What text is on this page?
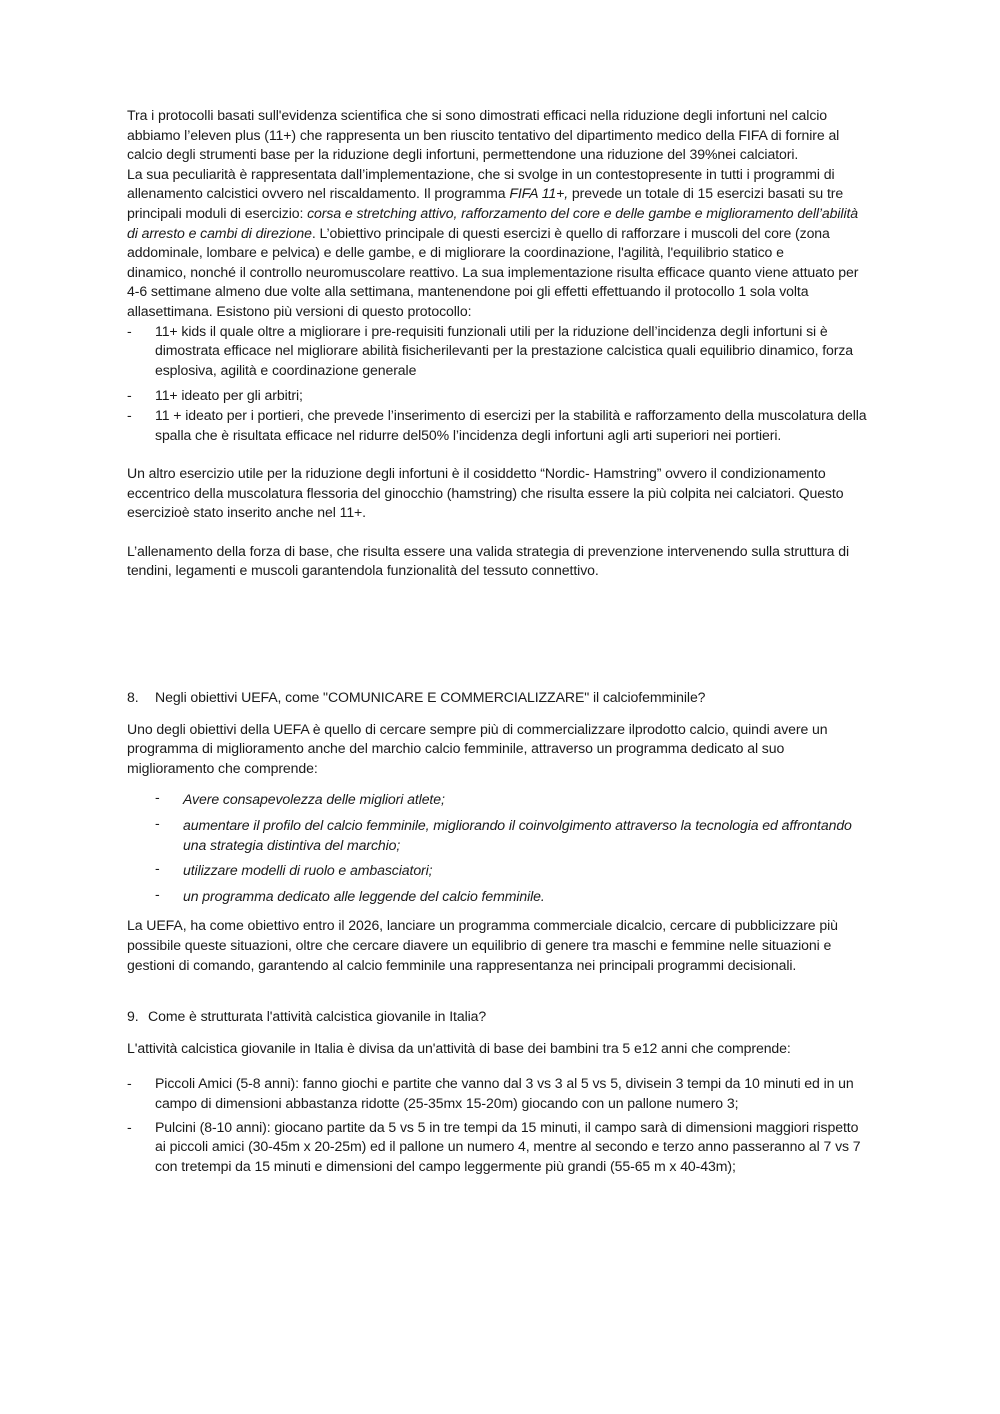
Tra i protocolli basati sull'evidenza scientifica che si sono dimostrati efficaci nella riduzione degli infortuni nel calcio abbiamo l’eleven plus (11+) che rappresenta un ben riuscito tentativo del dipartimento medico della FIFA di fornire al calcio degli strumenti base per la riduzione degli infortuni, permettendone una riduzione del 39%nei calciatori.

La sua peculiarità è rappresentata dall’implementazione, che si svolge in un contestopresente in tutti i programmi di allenamento calcistici ovvero nel riscaldamento. Il programma FIFA 11+, prevede un totale di 15 esercizi basati su tre principali moduli di esercizio: corsa e stretching attivo, rafforzamento del core e delle gambe e miglioramento dell’abilità di arresto e cambi di direzione. L’obiettivo principale di questi esercizi è quello di rafforzare i muscoli del core (zona addominale, lombare e pelvica) e delle gambe, e di migliorare la coordinazione, l'agilità, l'equilibrio statico e

dinamico, nonché il controllo neuromuscolare reattivo. La sua implementazione risulta efficace quanto viene attuato per 4-6 settimane almeno due volte alla settimana, mantenendone poi gli effetti effettuando il protocollo 1 sola volta allasettimana. Esistono più versioni di questo protocollo:

- 11+ kids il quale oltre a migliorare i pre-requisiti funzionali utili per la riduzione dell’incidenza degli infortuni si è dimostrata efficace nel migliorare abilità fisicherilevanti per la prestazione calcistica quali equilibrio dinamico, forza esplosiva, agilità e coordinazione generale
- 11+ ideato per gli arbitri;
- 11 + ideato per i portieri, che prevede l’inserimento di esercizi per la stabilità e rafforzamento della muscolatura della spalla che è risultata efficace nel ridurre del50% l’incidenza degli infortuni agli arti superiori nei portieri.

Un altro esercizio utile per la riduzione degli infortuni è il cosiddetto “Nordic- Hamstring” ovvero il condizionamento eccentrico della muscolatura flessoria del ginocchio (hamstring) che risulta essere la più colpita nei calciatori. Questo esercizioè stato inserito anche nel 11+.

L’allenamento della forza di base, che risulta essere una valida strategia di prevenzione intervenendo sulla struttura di tendini, legamenti e muscoli garantendola funzionalità del tessuto connettivo.

8.	Negli obiettivi UEFA, come "COMUNICARE E COMMERCIALIZZARE" il calciofemminile?

Uno degli obiettivi della UEFA è quello di cercare sempre più di commercializzare ilprodotto calcio, quindi avere un programma di miglioramento anche del marchio calcio femminile, attraverso un programma dedicato al suo miglioramento che comprende:

- Avere consapevolezza delle migliori atlete;
- aumentare il profilo del calcio femminile, migliorando il coinvolgimento attraverso la tecnologia ed affrontando una strategia distintiva del marchio;
- utilizzare modelli di ruolo e ambasciatori;
- un programma dedicato alle leggende del calcio femminile.

La UEFA, ha come obiettivo entro il 2026, lanciare un programma commerciale dicalcio, cercare di pubblicizzare più possibile queste situazioni, oltre che cercare diavere un equilibrio di genere tra maschi e femmine nelle situazioni e gestioni di comando, garantendo al calcio femminile una rappresentanza nei principali programmi decisionali.

9. Come è strutturata l'attività calcistica giovanile in Italia?

L'attività calcistica giovanile in Italia è divisa da un'attività di base dei bambini tra 5 e12 anni che comprende:

- Piccoli Amici (5-8 anni): fanno giochi e partite che vanno dal 3 vs 3 al 5 vs 5, divisein 3 tempi da 10 minuti ed in un campo di dimensioni abbastanza ridotte (25-35mx 15-20m) giocando con un pallone numero 3;
- Pulcini (8-10 anni): giocano partite da 5 vs 5 in tre tempi da 15 minuti, il campo sarà di dimensioni maggiori rispetto ai piccoli amici (30-45m x 20-25m) ed il pallone un numero 4, mentre al secondo e terzo anno passeranno al 7 vs 7 con tretempi da 15 minuti e dimensioni del campo leggermente più grandi (55-65 m x 40-43m);
